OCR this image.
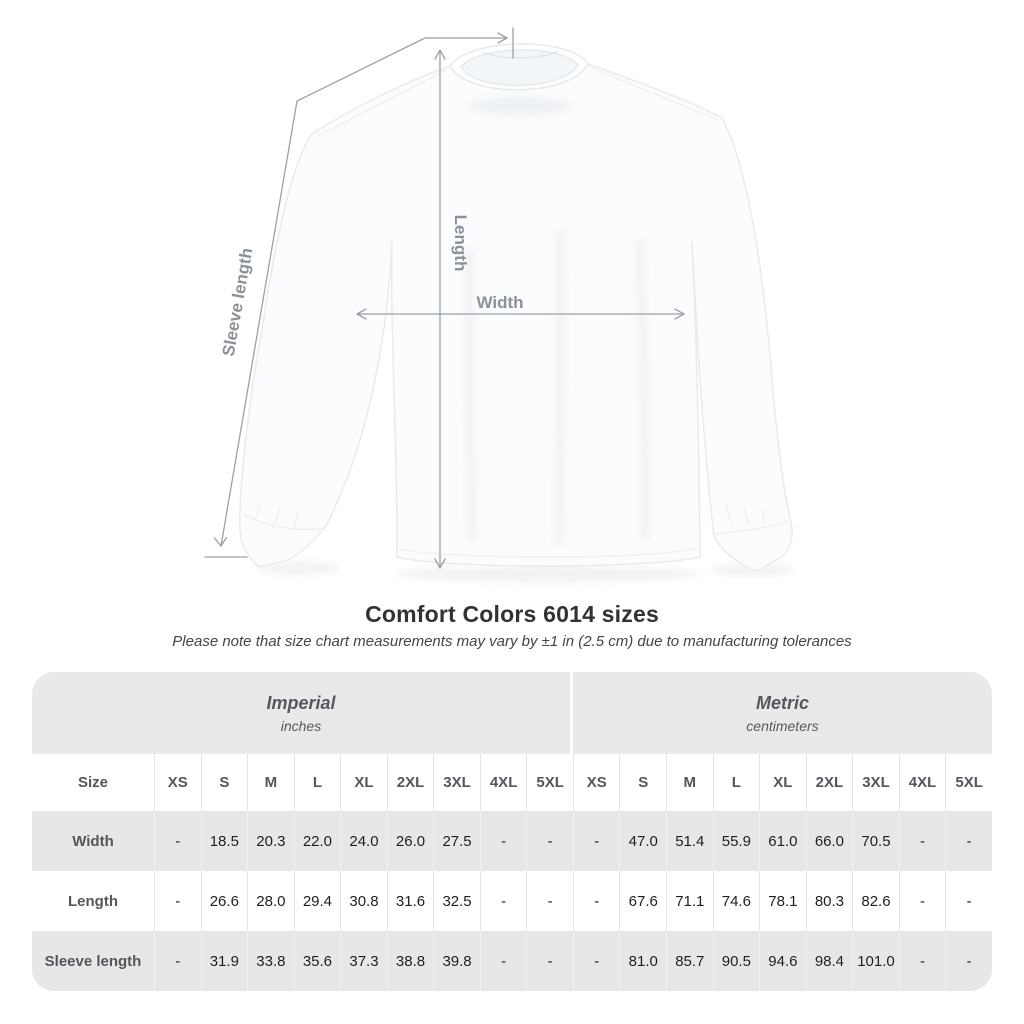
Width
Length
Sleeve length
Comfort Colors 6014 sizes
Please note that size chart measurements may vary by ±1 in (2.5 cm) due to manufacturing tolerances
Imperial
inches

Metric
centimeters

Size	XS	S	M	L	XL	2XL	3XL	4XL	5XL	XS	S	M	L	XL	2XL	3XL	4XL	5XL
Width	-	18.5	20.3	22.0	24.0	26.0	27.5	-	-	-	47.0	51.4	55.9	61.0	66.0	70.5	-	-
Length	-	26.6	28.0	29.4	30.8	31.6	32.5	-	-	-	67.6	71.1	74.6	78.1	80.3	82.6	-	-
Sleeve length	-	31.9	33.8	35.6	37.3	38.8	39.8	-	-	-	81.0	85.7	90.5	94.6	98.4	101.0	-	-
